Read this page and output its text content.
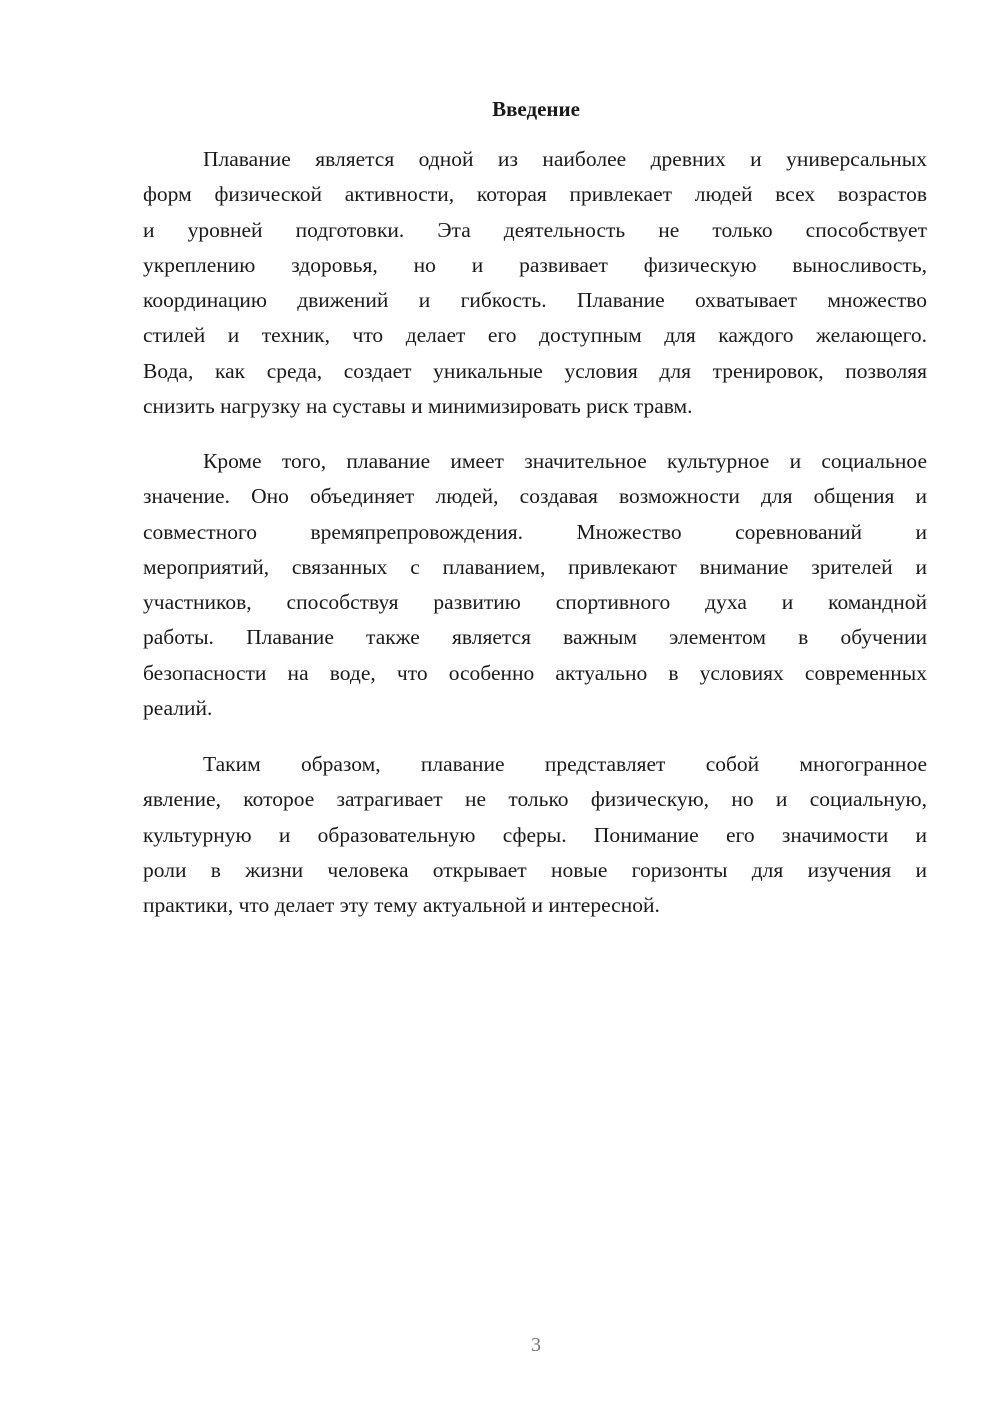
Введение
Плавание является одной из наиболее древних и универсальных
форм физической активности, которая привлекает людей всех возрастов
и уровней подготовки. Эта деятельность не только способствует
укреплению здоровья, но и развивает физическую выносливость,
координацию движений и гибкость. Плавание охватывает множество
стилей и техник, что делает его доступным для каждого желающего.
Вода, как среда, создает уникальные условия для тренировок, позволяя
снизить нагрузку на суставы и минимизировать риск травм.
Кроме того, плавание имеет значительное культурное и социальное
значение. Оно объединяет людей, создавая возможности для общения и
совместного времяпрепровождения. Множество соревнований и
мероприятий, связанных с плаванием, привлекают внимание зрителей и
участников, способствуя развитию спортивного духа и командной
работы. Плавание также является важным элементом в обучении
безопасности на воде, что особенно актуально в условиях современных
реалий.
Таким образом, плавание представляет собой многогранное
явление, которое затрагивает не только физическую, но и социальную,
культурную и образовательную сферы. Понимание его значимости и
роли в жизни человека открывает новые горизонты для изучения и
практики, что делает эту тему актуальной и интересной.
3
